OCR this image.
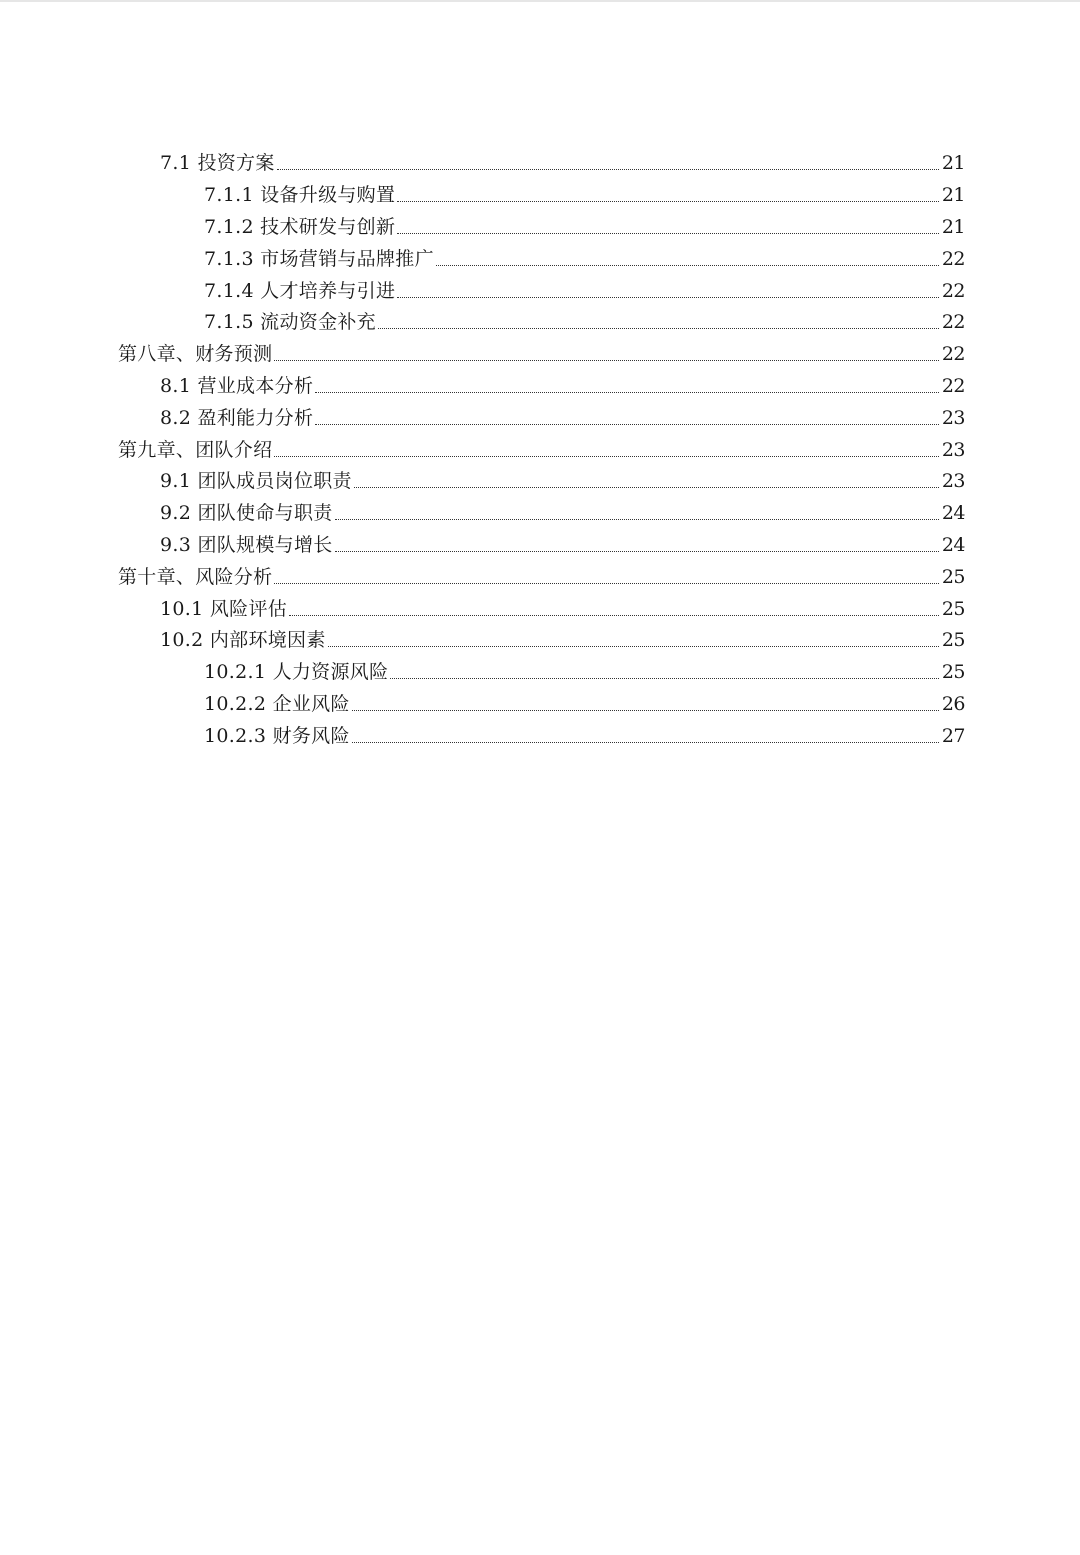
7.1 投资方案	21
7.1.1 设备升级与购置	21
7.1.2 技术研发与创新	21
7.1.3 市场营销与品牌推广	22
7.1.4 人才培养与引进	22
7.1.5 流动资金补充	22
第八章、财务预测	22
8.1 营业成本分析	22
8.2 盈利能力分析	23
第九章、团队介绍	23
9.1 团队成员岗位职责	23
9.2 团队使命与职责	24
9.3 团队规模与增长	24
第十章、风险分析	25
10.1 风险评估	25
10.2 内部环境因素	25
10.2.1 人力资源风险	25
10.2.2 企业风险	26
10.2.3 财务风险	27
